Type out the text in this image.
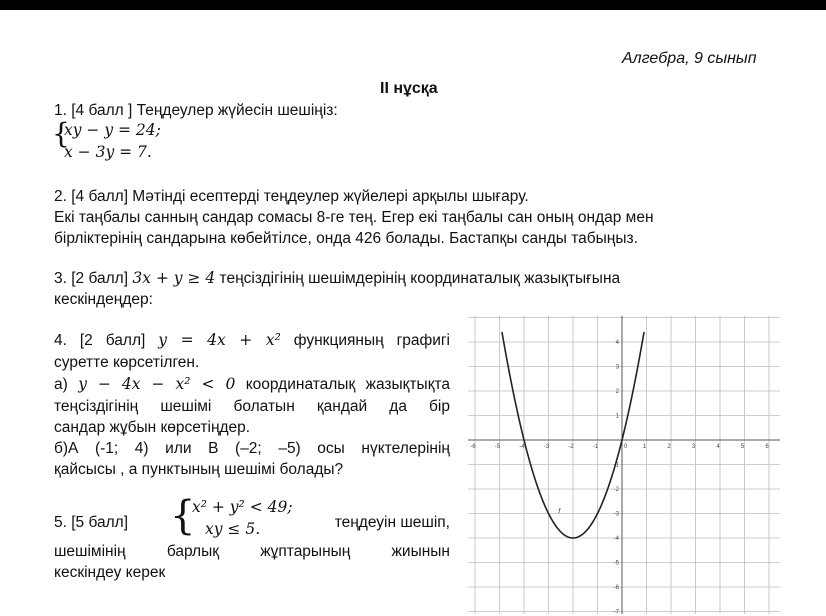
Алгебра, 9 сынып
II нұсқа
1. [4 балл ] Теңдеулер жүйесін шешіңіз:
{
xy − y = 24;
x − 3y = 7.
2. [4 балл] Мәтінді есептерді теңдеулер жүйелері арқылы шығару.
Екі таңбалы санның сандар сомасы 8-ге тең. Егер екі таңбалы сан оның ондар мен
бірліктерінің сандарына көбейтілсе, онда 426 болады. Бастапқы санды табыңыз.
3. [2 балл] 3x + y ≥ 4 теңсіздігінің шешімдерінің координаталық жазықтығына
кескіндеңдер:
4. [2 балл] y = 4x + x² функцияның графигі
суретте көрсетілген.
а) y − 4x − x² < 0 координаталық жазықтықта
теңсіздігінің шешімі болатын қандай да бір
сандар жұбын көрсетіңдер.
б)А (-1; 4) или В (–2; –5) осы нүктелерінің
қайсысы , а пунктының шешімі болады?
5. [5 балл] {
x² + y² < 49;
xy ≤ 5.	теңдеуін шешіп,
шешімінің барлық жұптарының жиынын
кескіндеу керек
-6	-5	-4	-3	-2	-1	0	1	2	3	4	5	6
4
3
2
1
-1
-2
-3
-4
-5
-6
-7
f
